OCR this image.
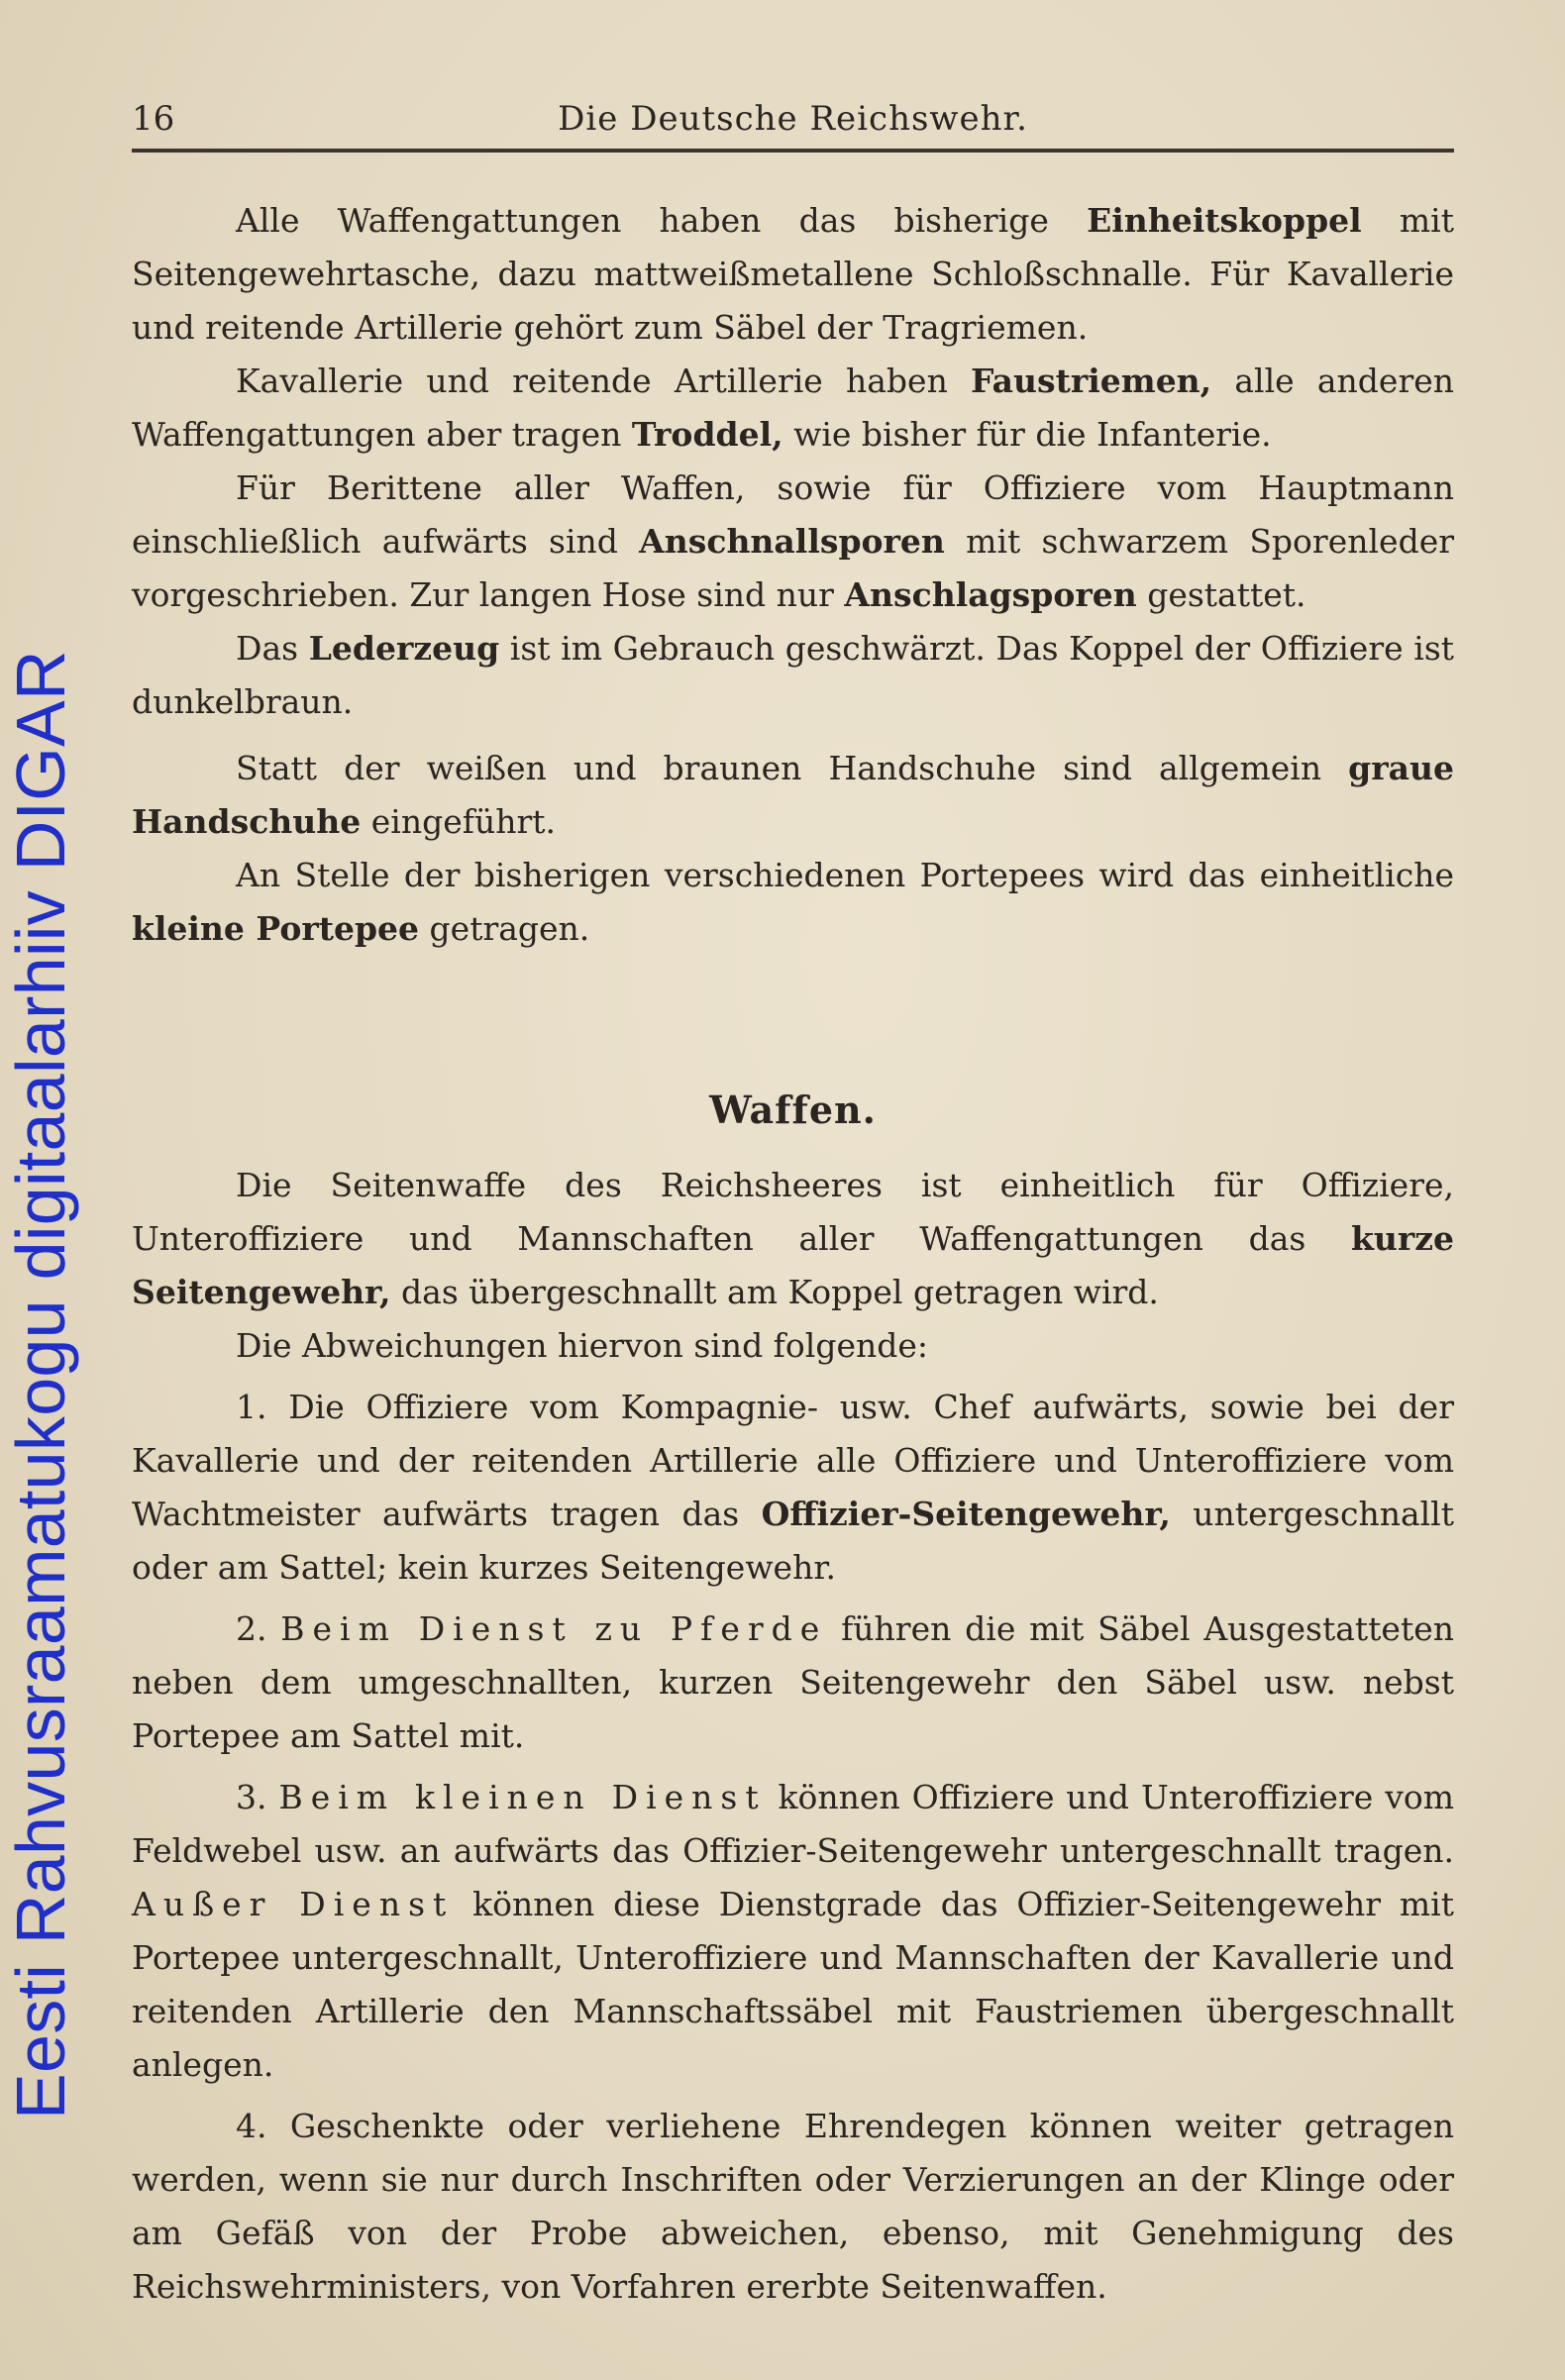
Eesti Rahvusraamatukogu digitaalarhiiv DIGAR
16	Die Deutsche Reichswehr.

Alle Waffengattungen haben das bisherige Einheitskoppel mit Seitengewehrtasche, dazu mattweißmetallene Schloßschnalle. Für Kavallerie und reitende Artillerie gehört zum Säbel der Tragriemen.

Kavallerie und reitende Artillerie haben Faustriemen, alle anderen Waffengattungen aber tragen Troddel, wie bisher für die Infanterie.

Für Berittene aller Waffen, sowie für Offiziere vom Hauptmann einschließlich aufwärts sind Anschnallsporen mit schwarzem Sporenleder vorgeschrieben. Zur langen Hose sind nur Anschlagsporen gestattet.

Das Lederzeug ist im Gebrauch geschwärzt. Das Koppel der Offiziere ist dunkelbraun.

Statt der weißen und braunen Handschuhe sind allgemein graue Handschuhe eingeführt.

An Stelle der bisherigen verschiedenen Portepees wird das einheitliche kleine Portepee getragen.

Waffen.

Die Seitenwaffe des Reichsheeres ist einheitlich für Offiziere, Unteroffiziere und Mannschaften aller Waffengattungen das kurze Seitengewehr, das übergeschnallt am Koppel getragen wird.

Die Abweichungen hiervon sind folgende:

1. Die Offiziere vom Kompagnie- usw. Chef aufwärts, sowie bei der Kavallerie und der reitenden Artillerie alle Offiziere und Unteroffiziere vom Wachtmeister aufwärts tragen das Offizier-Seitengewehr, untergeschnallt oder am Sattel; kein kurzes Seitengewehr.

2. Beim Dienst zu Pferde führen die mit Säbel Ausgestatteten neben dem umgeschnallten, kurzen Seitengewehr den Säbel usw. nebst Portepee am Sattel mit.

3. Beim kleinen Dienst können Offiziere und Unteroffiziere vom Feldwebel usw. an aufwärts das Offizier-Seitengewehr untergeschnallt tragen. Außer Dienst können diese Dienstgrade das Offizier-Seitengewehr mit Portepee untergeschnallt, Unteroffiziere und Mannschaften der Kavallerie und reitenden Artillerie den Mannschaftssäbel mit Faustriemen übergeschnallt anlegen.

4. Geschenkte oder verliehene Ehrendegen können weiter getragen werden, wenn sie nur durch Inschriften oder Verzierungen an der Klinge oder am Gefäß von der Probe abweichen, ebenso, mit Genehmigung des Reichswehrministers, von Vorfahren ererbte Seitenwaffen.
